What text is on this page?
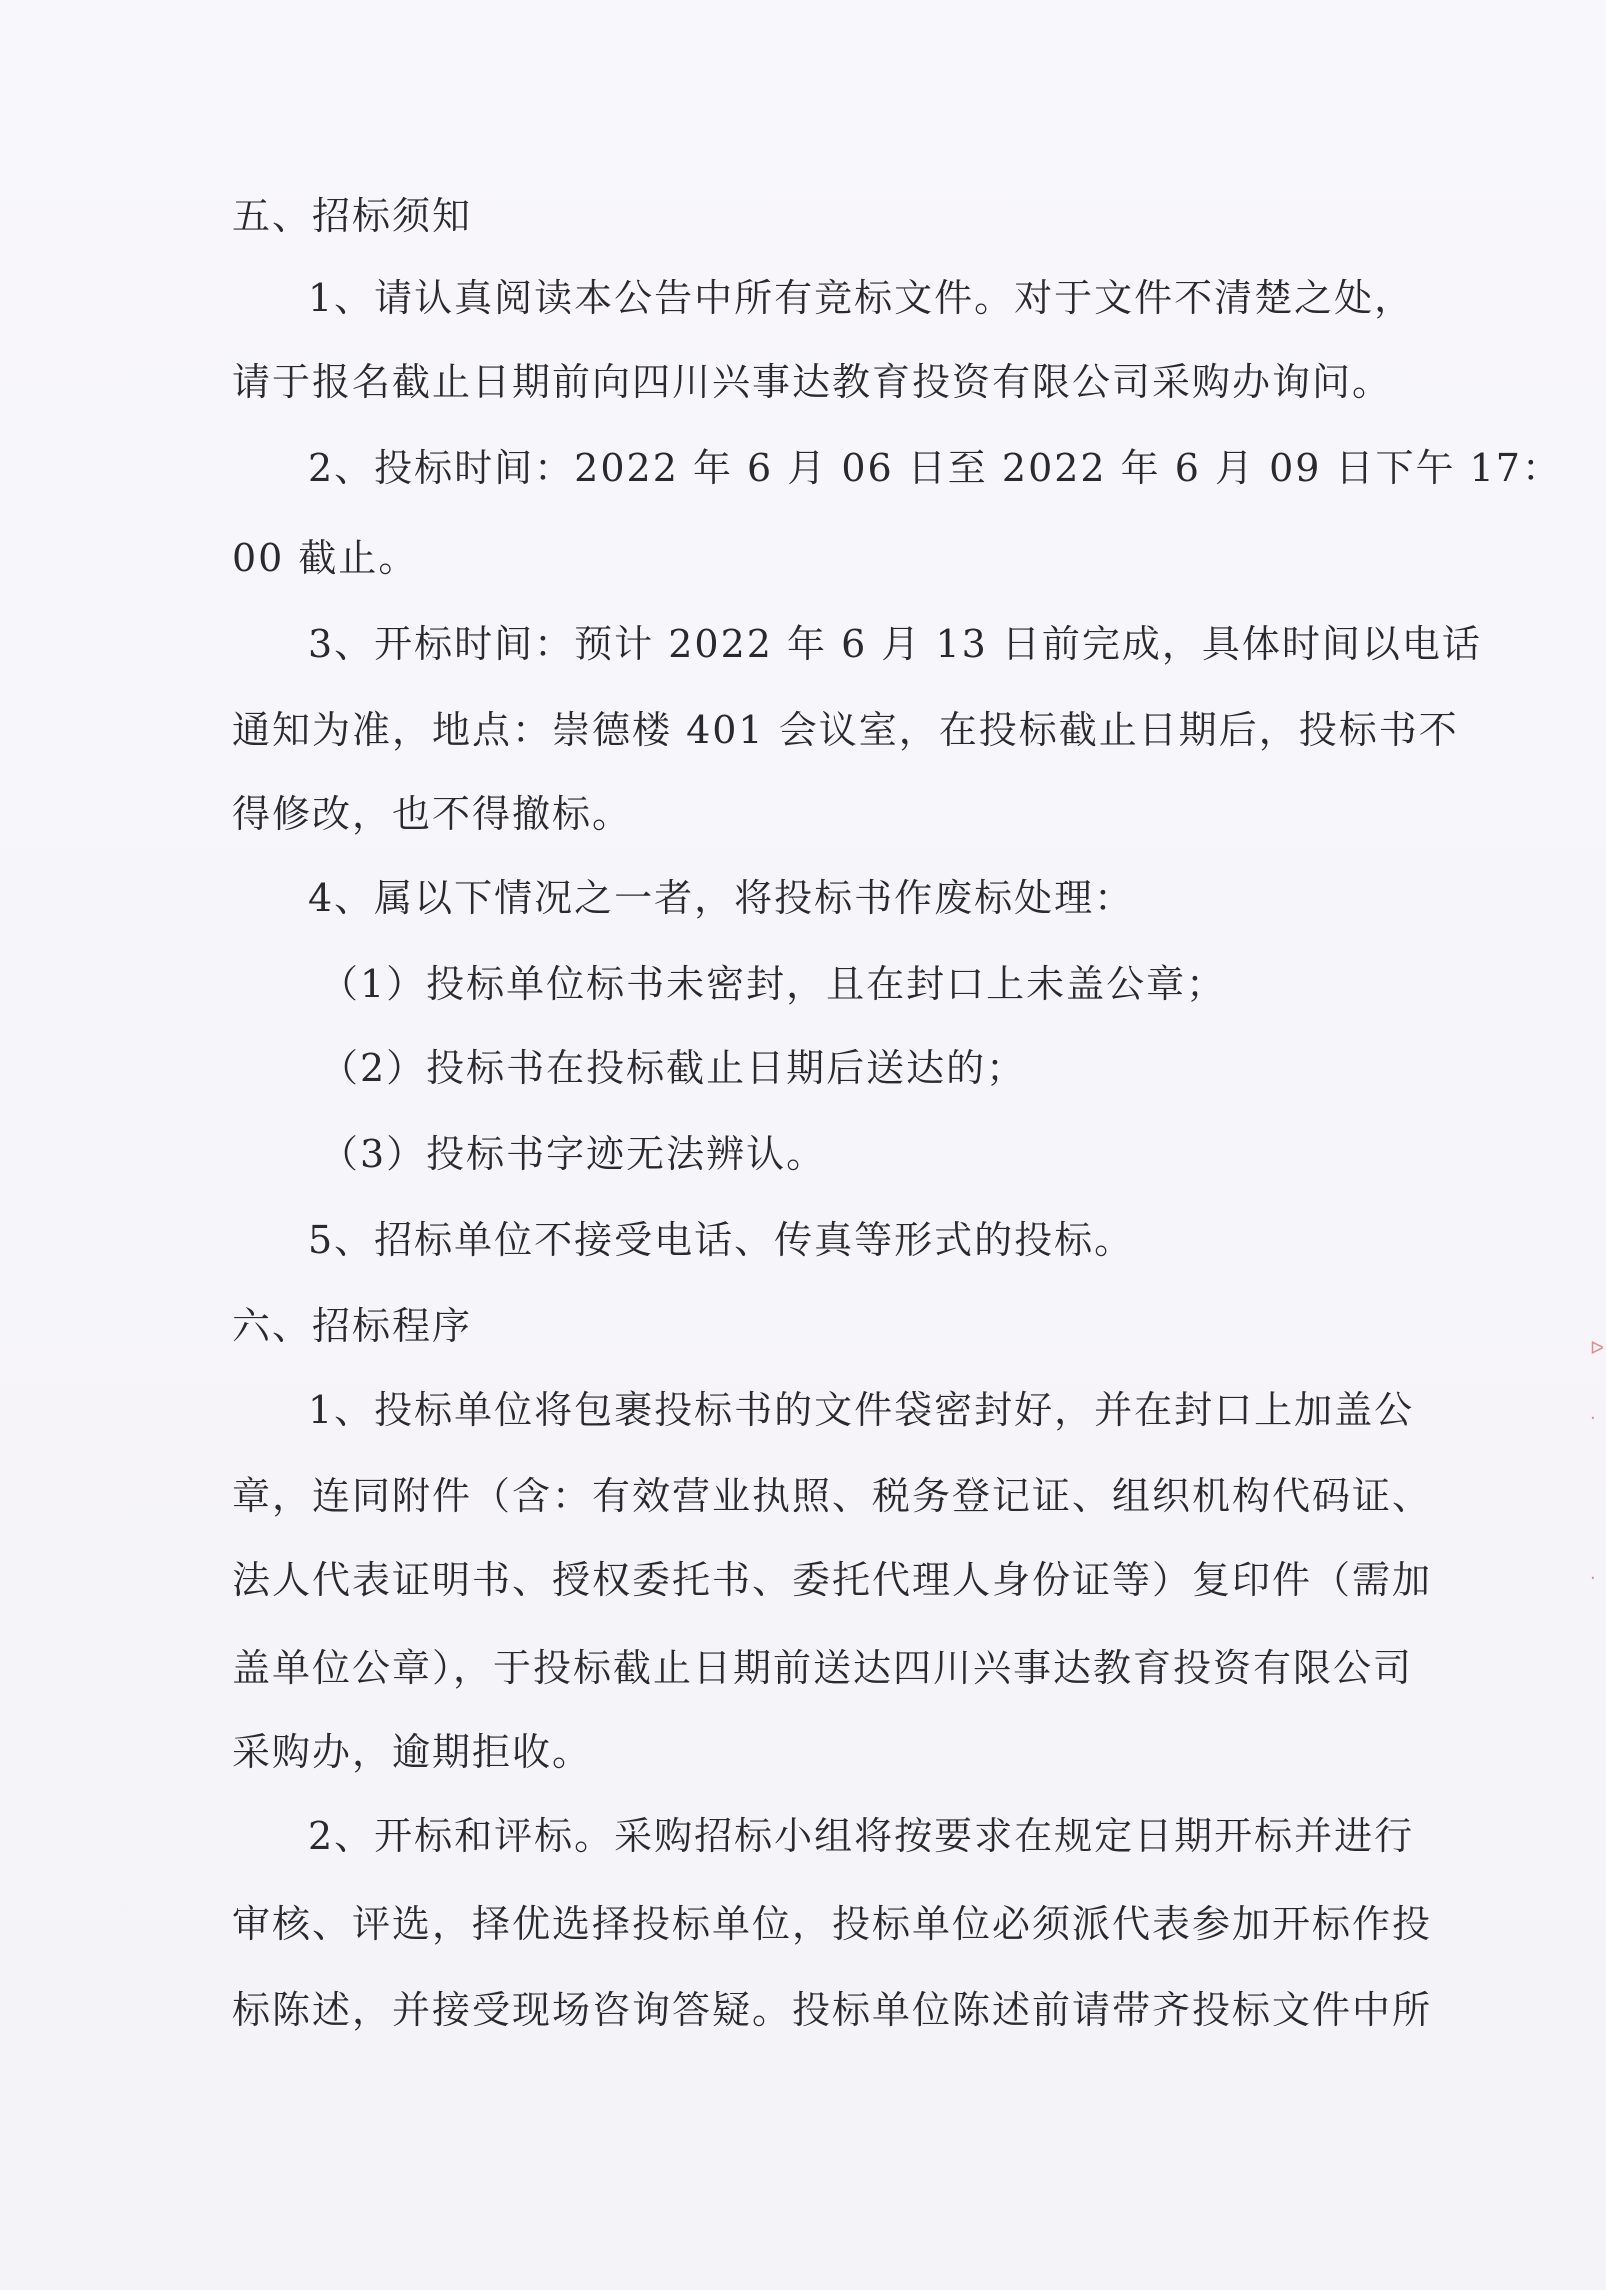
五、招标须知
1、请认真阅读本公告中所有竞标文件。对于文件不清楚之处，
请于报名截止日期前向四川兴事达教育投资有限公司采购办询问。
2、投标时间：2022 年 6 月 06 日至 2022 年 6 月 09 日下午 17：
00 截止。
3、开标时间：预计 2022 年 6 月 13 日前完成，具体时间以电话
通知为准，地点：崇德楼 401 会议室，在投标截止日期后，投标书不
得修改，也不得撤标。
4、属以下情况之一者，将投标书作废标处理：
（1）投标单位标书未密封，且在封口上未盖公章；
（2）投标书在投标截止日期后送达的；
（3）投标书字迹无法辨认。
5、招标单位不接受电话、传真等形式的投标。
六、招标程序
1、投标单位将包裹投标书的文件袋密封好，并在封口上加盖公
章，连同附件（含：有效营业执照、税务登记证、组织机构代码证、
法人代表证明书、授权委托书、委托代理人身份证等）复印件（需加
盖单位公章），于投标截止日期前送达四川兴事达教育投资有限公司
采购办，逾期拒收。
2、开标和评标。采购招标小组将按要求在规定日期开标并进行
审核、评选，择优选择投标单位，投标单位必须派代表参加开标作投
标陈述，并接受现场咨询答疑。投标单位陈述前请带齐投标文件中所
ᐅ
·
·
